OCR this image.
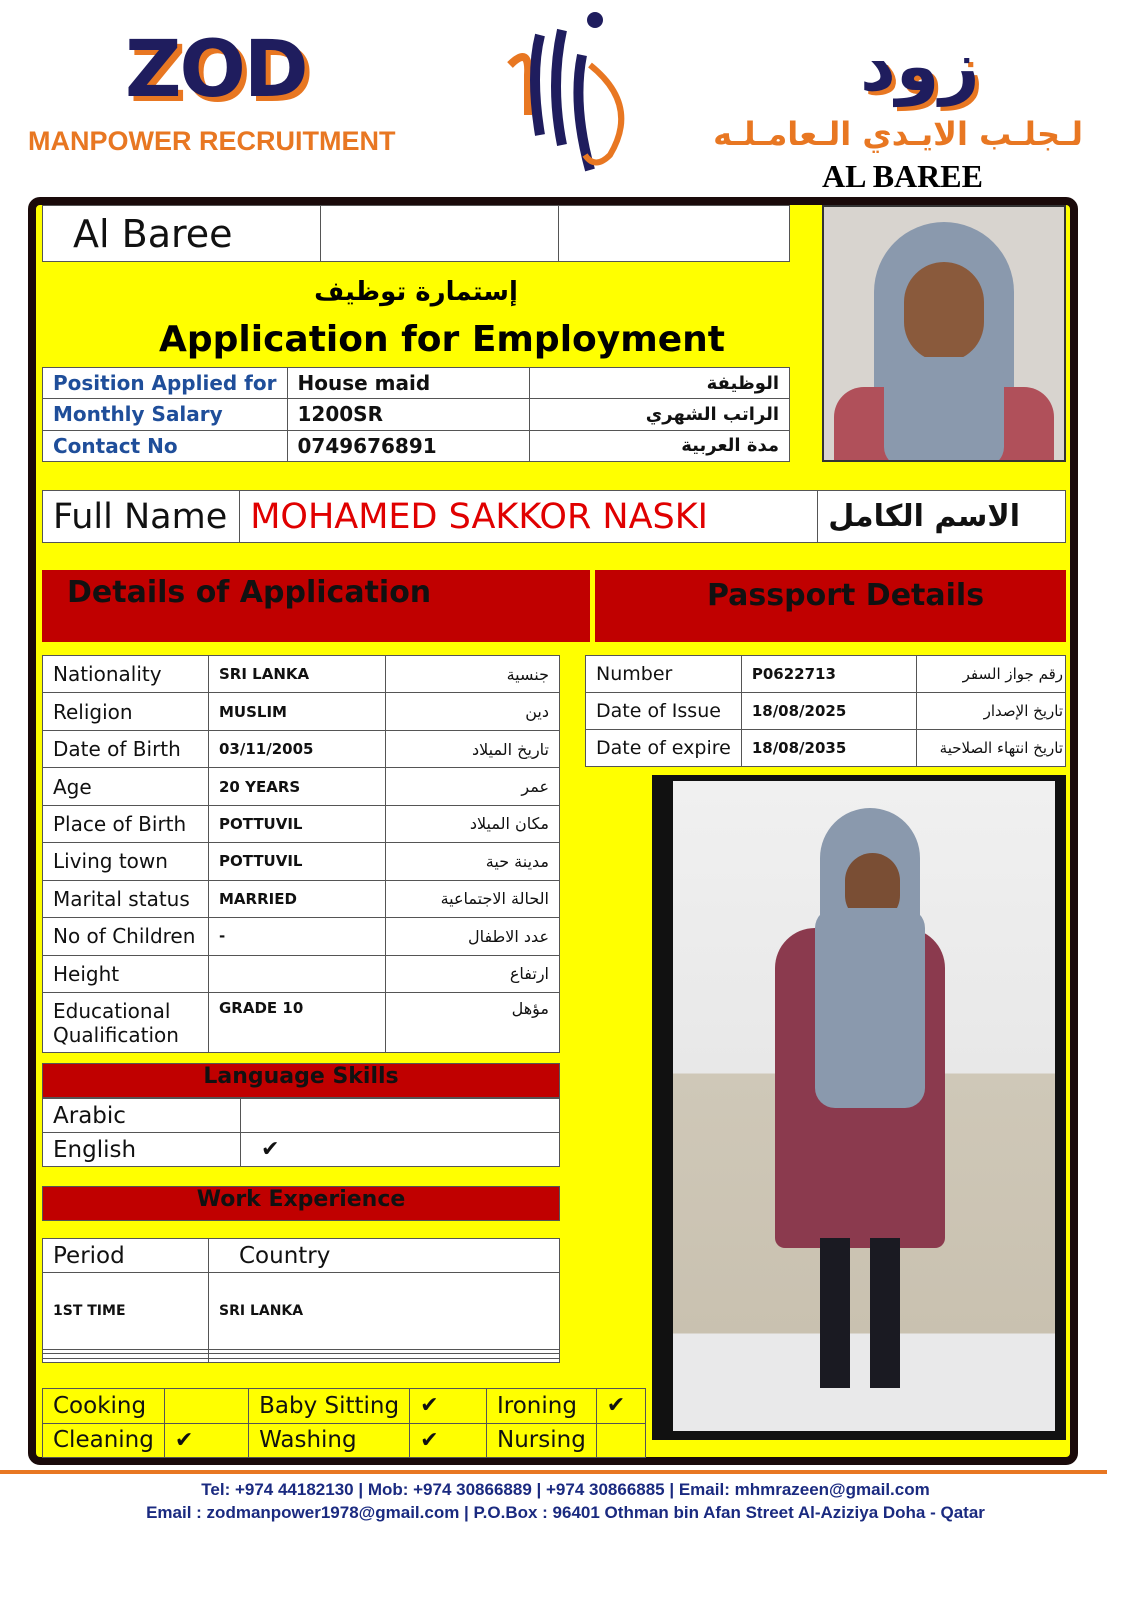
ZOD
MANPOWER RECRUITMENT
زود
لـجلـب الايـدي الـعامـلـه
AL BAREE
Al Baree		
إستمارة توظيف
Application for Employment
Position Applied for	House maid	الوظيفة
Monthly Salary	1200SR	الراتب الشهري
Contact No	0749676891	مدة العربية
Full Name	MOHAMED SAKKOR NASKI	الاسم الكامل
Details of Application	Passport Details
Nationality	SRI LANKA	جنسية
Religion	MUSLIM	دين
Date of Birth	03/11/2005	تاريخ الميلاد
Age	20 YEARS	عمر
Place of Birth	POTTUVIL	مكان الميلاد
Living town	POTTUVIL	مدينة حية
Marital status	MARRIED	الحالة الاجتماعية
No of Children	-	عدد الاطفال
Height		ارتفاع
Educational Qualification	GRADE 10	مؤهل
Number	P0622713	رقم جواز السفر
Date of Issue	18/08/2025	تاريخ الإصدار
Date of expire	18/08/2035	تاريخ انتهاء الصلاحية
Language Skills
Arabic	
English	✔
Work Experience
Period	Country
1ST TIME	SRI LANKA

Cooking		Baby Sitting	✔	Ironing	✔
Cleaning	✔	Washing	✔	Nursing	
Tel: +974 44182130 | Mob: +974 30866889 | +974 30866885 | Email: mhmrazeen@gmail.com
Email : zodmanpower1978@gmail.com | P.O.Box : 96401 Othman bin Afan Street Al-Aziziya Doha - Qatar
